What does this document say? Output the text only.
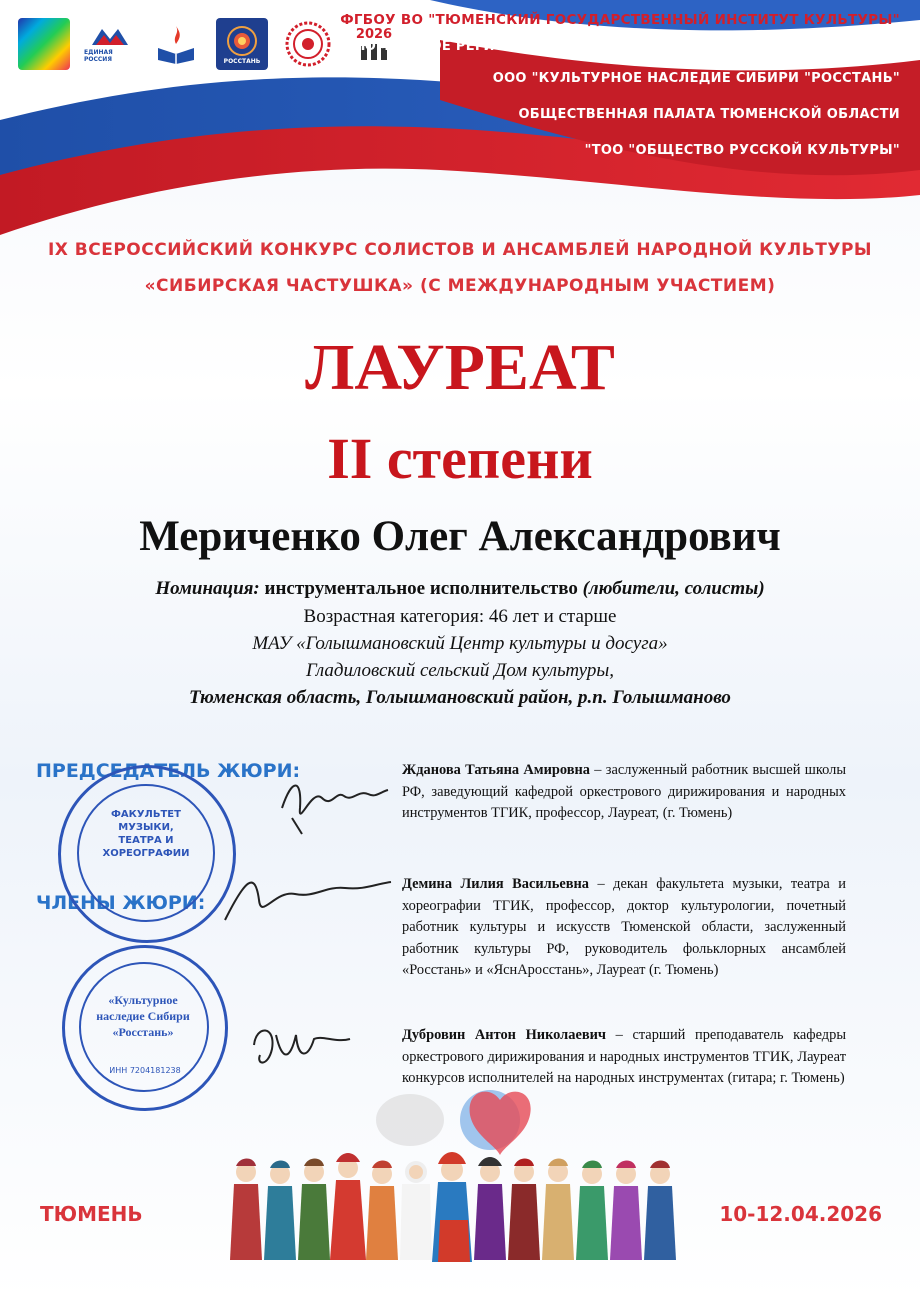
ЕДИНАЯ РОССИЯ	РОССТАНЬ
2026
ФГБОУ ВО "ТЮМЕНСКИЙ ГОСУДАРСТВЕННЫЙ ИНСТИТУТ КУЛЬТУРЫ"
ТЮМЕНСКОЕ РЕГИОНАЛЬНОЕ ОТДЕЛЕНИЕ ПАРТИИ «ЕДИНАЯ РОССИЯ»
ООО "КУЛЬТУРНОЕ НАСЛЕДИЕ СИБИРИ "РОССТАНЬ"
ОБЩЕСТВЕННАЯ ПАЛАТА ТЮМЕНСКОЙ ОБЛАСТИ
"ТОО "ОБЩЕСТВО РУССКОЙ КУЛЬТУРЫ"
IX ВСЕРОССИЙСКИЙ КОНКУРС СОЛИСТОВ И АНСАМБЛЕЙ НАРОДНОЙ КУЛЬТУРЫ
«СИБИРСКАЯ ЧАСТУШКА» (С МЕЖДУНАРОДНЫМ УЧАСТИЕМ)
ЛАУРЕАТ
II степени
Мериченко Олег Александрович
Номинация: инструментальное исполнительство (любители, солисты)
Возрастная категория: 46 лет и старше
МАУ «Голышмановский Центр культуры и досуга»
Гладиловский сельский Дом культуры,
Тюменская область, Голышмановский район, р.п. Голышманово
ПРЕДСЕДАТЕЛЬ ЖЮРИ:
ЧЛЕНЫ ЖЮРИ:
ФАКУЛЬТЕТ МУЗЫКИ, ТЕАТРА И ХОРЕОГРАФИИ
«Культурное наследие Сибири «Росстань»
ИНН 7204181238
Жданова Татьяна Амировна – заслуженный работник высшей школы РФ, заведующий кафедрой оркестрового дирижирования и народных инструментов ТГИК, профессор, Лауреат, (г. Тюмень)
Демина Лилия Васильевна – декан факультета музыки, театра и хореографии ТГИК, профессор, доктор культурологии, почетный работник культуры и искусств Тюменской области, заслуженный работник культуры РФ, руководитель фольклорных ансамблей «Росстань» и «ЯснАросстань», Лауреат (г. Тюмень)
Дубровин Антон Николаевич – старший преподаватель кафедры оркестрового дирижирования и народных инструментов ТГИК, Лауреат конкурсов исполнителей на народных инструментах (гитара; г. Тюмень)
ТЮМЕНЬ	10-12.04.2026
